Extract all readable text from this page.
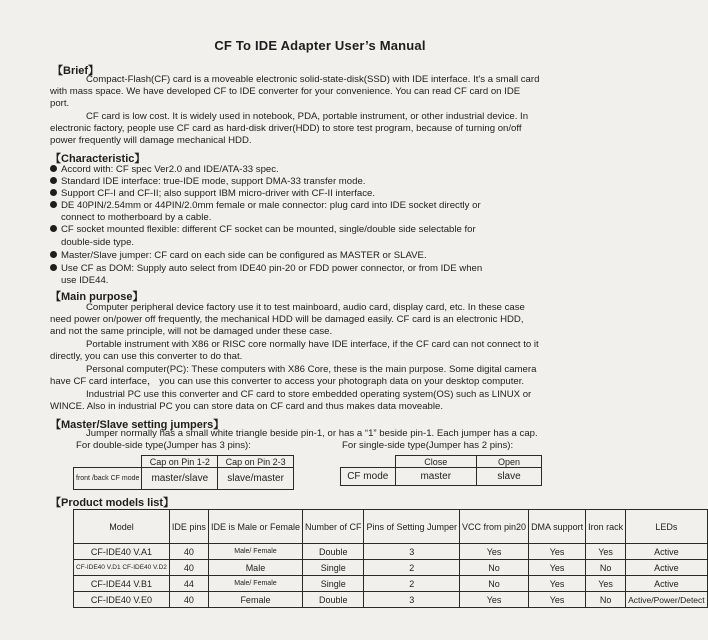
CF To IDE Adapter User’s Manual
【Brief】
Compact-Flash(CF) card is a moveable electronic solid-state-disk(SSD) with IDE interface. It's a small card
with mass space. We have developed CF to IDE converter for your convenience. You can read CF card on IDE
port.
CF card is low cost. It is widely used in notebook, PDA, portable instrument, or other industrial device. In
electronic factory, people use CF card as hard-disk driver(HDD) to store test program, because of turning on/off
power frequently will damage mechanical HDD.
【Characteristic】
Accord with: CF spec Ver2.0 and IDE/ATA-33 spec.
Standard IDE interface: true-IDE mode, support DMA-33 transfer mode.
Support CF-I and CF-II; also support IBM micro-driver with CF-II interface.
DE 40PIN/2.54mm or 44PIN/2.0mm female or male connector: plug card into IDE socket directly or
connect to motherboard by a cable.
CF socket mounted flexible: different CF socket can be mounted, single/double side selectable for
double-side type.
Master/Slave jumper: CF card on each side can be configured as MASTER or SLAVE.
Use CF as DOM: Supply auto select from IDE40 pin-20 or FDD power connector, or from IDE when
use IDE44.
【Main purpose】
Computer peripheral device factory use it to test mainboard, audio card, display card, etc. In these case
need power on/power off frequently, the mechanical HDD will be damaged easily. CF card is an electronic HDD,
and not the same principle, will not be damaged under these case.
Portable instrument with X86 or RISC core normally have IDE interface, if the CF card can not connect to it
directly, you can use this converter to do that.
Personal computer(PC): These computers with X86 Core, these is the main purpose. Some digital camera
have CF card interface， you can use this converter to access your photograph data on your desktop computer.
Industrial PC use this converter and CF card to store embedded operating system(OS) such as LINUX or
WINCE. Also in industrial PC you can store data on CF card and thus makes data moveable.
【Master/Slave setting jumpers】
Jumper normally has a small white triangle beside pin-1, or has a “1” beside pin-1. Each jumper has a cap.
For double-side type(Jumper has 3 pins):	For single-side type(Jumper has 2 pins):
	Cap on Pin 1-2	Cap on Pin 2-3
front /back CF mode	master/slave	slave/master
	Close	Open
CF mode	master	slave
【Product models list】
Model	IDE pins	IDE is Male or Female	Number of CF	Pins of Setting Jumper	VCC from pin20	DMA support	Iron rack	LEDs
CF-IDE40 V.A1	40	Male/ Female	Double	3	Yes	Yes	Yes	Active
CF-IDE40 V.D1 CF-IDE40 V.D2	40	Male	Single	2	No	Yes	No	Active
CF-IDE44 V.B1	44	Male/ Female	Single	2	No	Yes	Yes	Active
CF-IDE40 V.E0	40	Female	Double	3	Yes	Yes	No	Active/Power/Detect
